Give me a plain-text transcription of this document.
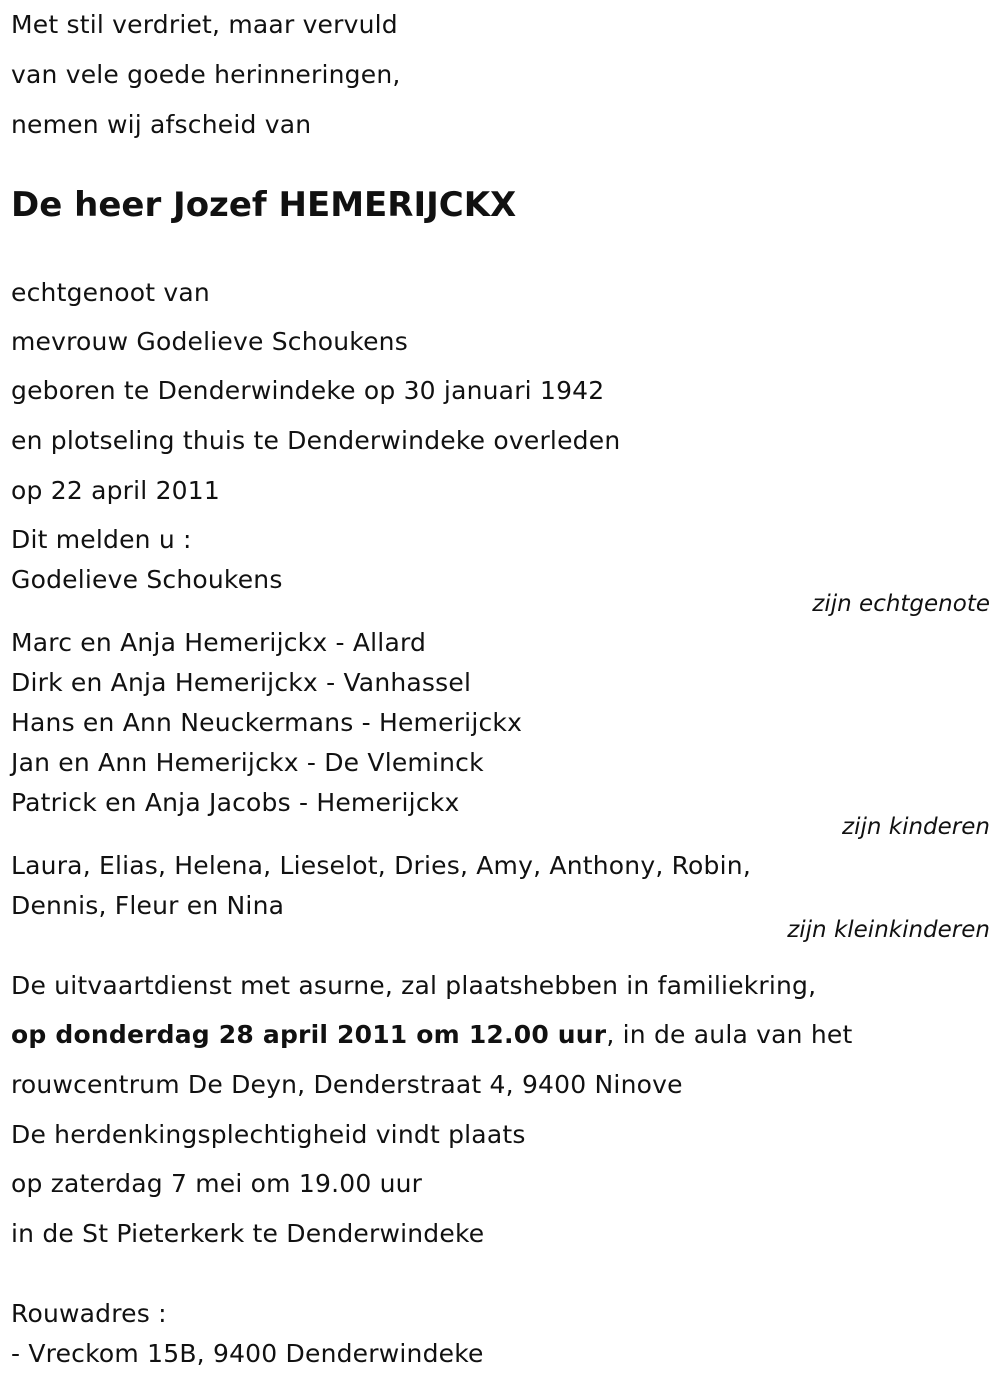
Met stil verdriet, maar vervuld
van vele goede herinneringen,
nemen wij afscheid van
De heer Jozef HEMERIJCKX
echtgenoot van
mevrouw Godelieve Schoukens
geboren te Denderwindeke op 30 januari 1942
en plotseling thuis te Denderwindeke overleden
op 22 april 2011
Dit melden u :
Godelieve Schoukens
zijn echtgenote
Marc en Anja Hemerijckx - Allard
Dirk en Anja Hemerijckx - Vanhassel
Hans en Ann Neuckermans - Hemerijckx
Jan en Ann Hemerijckx - De Vleminck
Patrick en Anja Jacobs - Hemerijckx
zijn kinderen
Laura, Elias, Helena, Lieselot, Dries, Amy, Anthony, Robin,
Dennis, Fleur en Nina
zijn kleinkinderen
De uitvaartdienst met asurne, zal plaatshebben in familiekring,
op donderdag 28 april 2011 om 12.00 uur, in de aula van het
rouwcentrum De Deyn, Denderstraat 4, 9400 Ninove
De herdenkingsplechtigheid vindt plaats
op zaterdag 7 mei om 19.00 uur
in de St Pieterkerk te Denderwindeke
Rouwadres :
- Vreckom 15B, 9400 Denderwindeke
